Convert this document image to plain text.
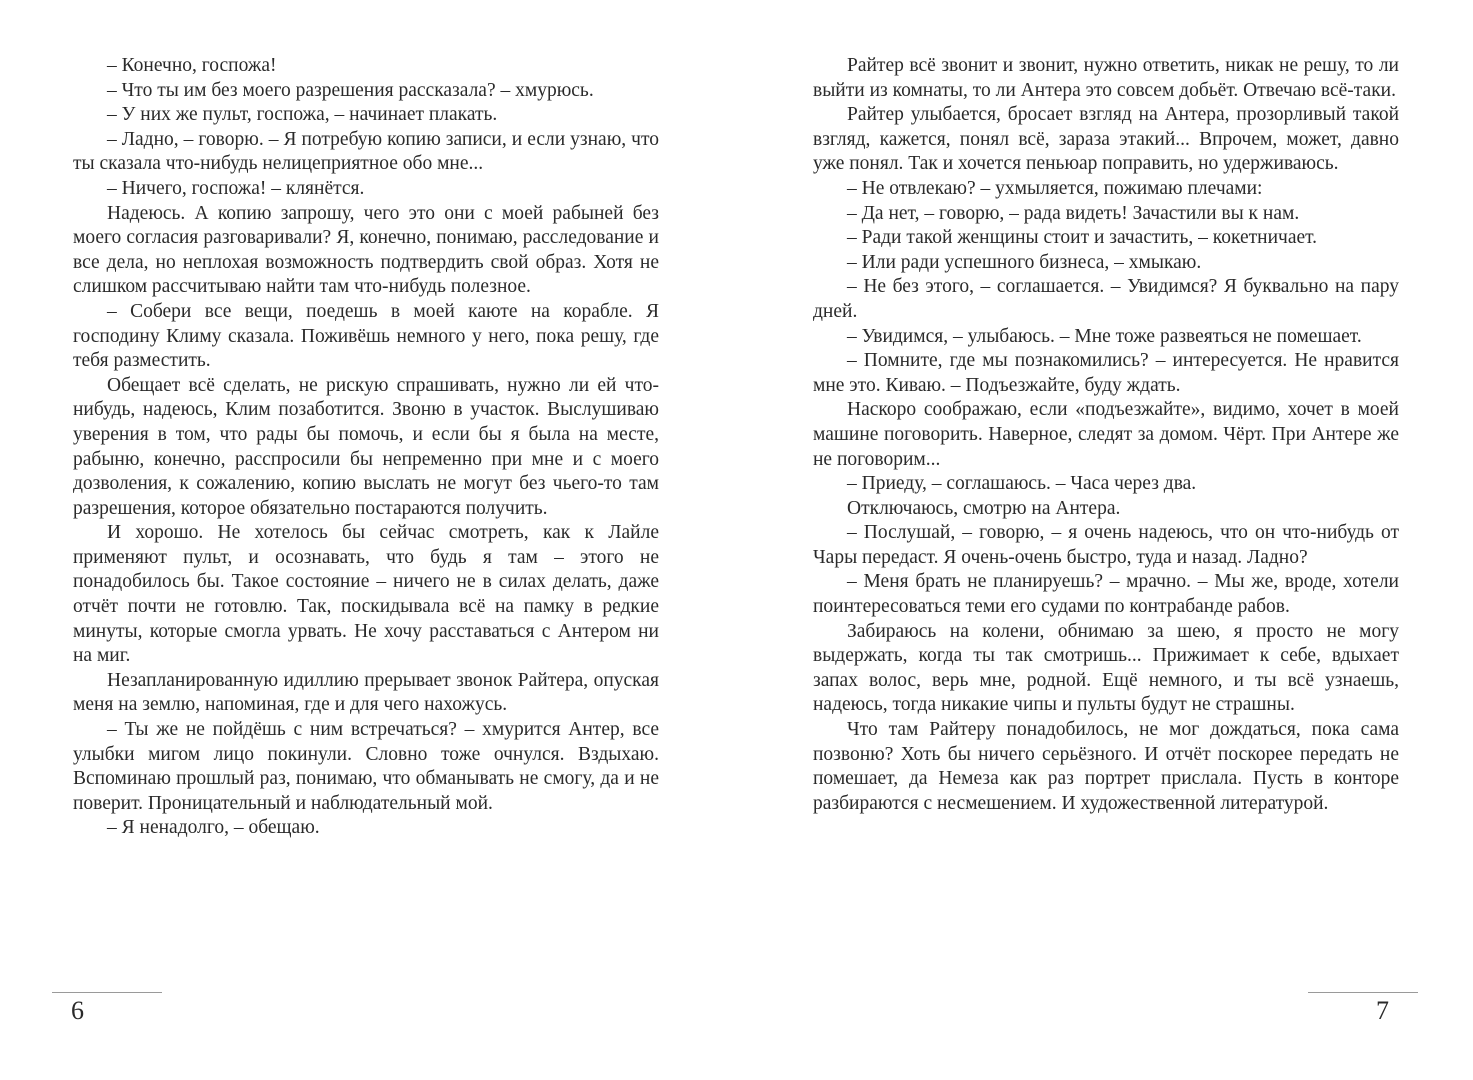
– Конечно, госпожа!

– Что ты им без моего разрешения рассказала? – хмурюсь.

– У них же пульт, госпожа, – начинает плакать.

– Ладно, – говорю. – Я потребую копию записи, и если узнаю, что ты сказала что-нибудь нелицеприятное обо мне...

– Ничего, госпожа! – клянётся.

Надеюсь. А копию запрошу, чего это они с моей рабыней без моего согласия разговаривали? Я, конечно, понимаю, расследование и все дела, но неплохая возможность подтвердить свой образ. Хотя не слишком рассчитываю найти там что-нибудь полезное.

– Собери все вещи, поедешь в моей каюте на корабле. Я господину Климу сказала. Поживёшь немного у него, пока решу, где тебя разместить.

Обещает всё сделать, не рискую спрашивать, нужно ли ей что-нибудь, надеюсь, Клим позаботится. Звоню в участок. Выслушиваю уверения в том, что рады бы помочь, и если бы я была на месте, рабыню, конечно, расспросили бы непременно при мне и с моего дозволения, к сожалению, копию выслать не могут без чьего-то там разрешения, которое обязательно постараются получить.

И хорошо. Не хотелось бы сейчас смотреть, как к Лайле применяют пульт, и осознавать, что будь я там – этого не понадобилось бы. Такое состояние – ничего не в силах делать, даже отчёт почти не готовлю. Так, поскидывала всё на памку в редкие минуты, которые смогла урвать. Не хочу расставаться с Антером ни на миг.

Незапланированную идиллию прерывает звонок Райтера, опуская меня на землю, напоминая, где и для чего нахожусь.

– Ты же не пойдёшь с ним встречаться? – хмурится Антер, все улыбки мигом лицо покинули. Словно тоже очнулся. Вздыхаю. Вспоминаю прошлый раз, понимаю, что обманывать не смогу, да и не поверит. Проницательный и наблюдательный мой.

– Я ненадолго, – обещаю.

Райтер всё звонит и звонит, нужно ответить, никак не решу, то ли выйти из комнаты, то ли Антера это совсем добьёт. Отвечаю всё-таки.

Райтер улыбается, бросает взгляд на Антера, прозорливый такой взгляд, кажется, понял всё, зараза этакий... Впрочем, может, давно уже понял. Так и хочется пеньюар поправить, но удерживаюсь.

– Не отвлекаю? – ухмыляется, пожимаю плечами:

– Да нет, – говорю, – рада видеть! Зачастили вы к нам.

– Ради такой женщины стоит и зачастить, – кокетничает.

– Или ради успешного бизнеса, – хмыкаю.

– Не без этого, – соглашается. – Увидимся? Я буквально на пару дней.

– Увидимся, – улыбаюсь. – Мне тоже развеяться не помешает.

– Помните, где мы познакомились? – интересуется. Не нравится мне это. Киваю. – Подъезжайте, буду ждать.

Наскоро соображаю, если «подъезжайте», видимо, хочет в моей машине поговорить. Наверное, следят за домом. Чёрт. При Антере же не поговорим...

– Приеду, – соглашаюсь. – Часа через два.

Отключаюсь, смотрю на Антера.

– Послушай, – говорю, – я очень надеюсь, что он что-нибудь от Чары передаст. Я очень-очень быстро, туда и назад. Ладно?

– Меня брать не планируешь? – мрачно. – Мы же, вроде, хотели поинтересоваться теми его судами по контрабанде рабов.

Забираюсь на колени, обнимаю за шею, я просто не могу выдержать, когда ты так смотришь... Прижимает к себе, вдыхает запах волос, верь мне, родной. Ещё немного, и ты всё узнаешь, надеюсь, тогда никакие чипы и пульты будут не страшны.

Что там Райтеру понадобилось, не мог дождаться, пока сама позвоню? Хоть бы ничего серьёзного. И отчёт поскорее передать не помешает, да Немеза как раз портрет прислала. Пусть в конторе разбираются с несмешением. И художественной литературой.

6	7
